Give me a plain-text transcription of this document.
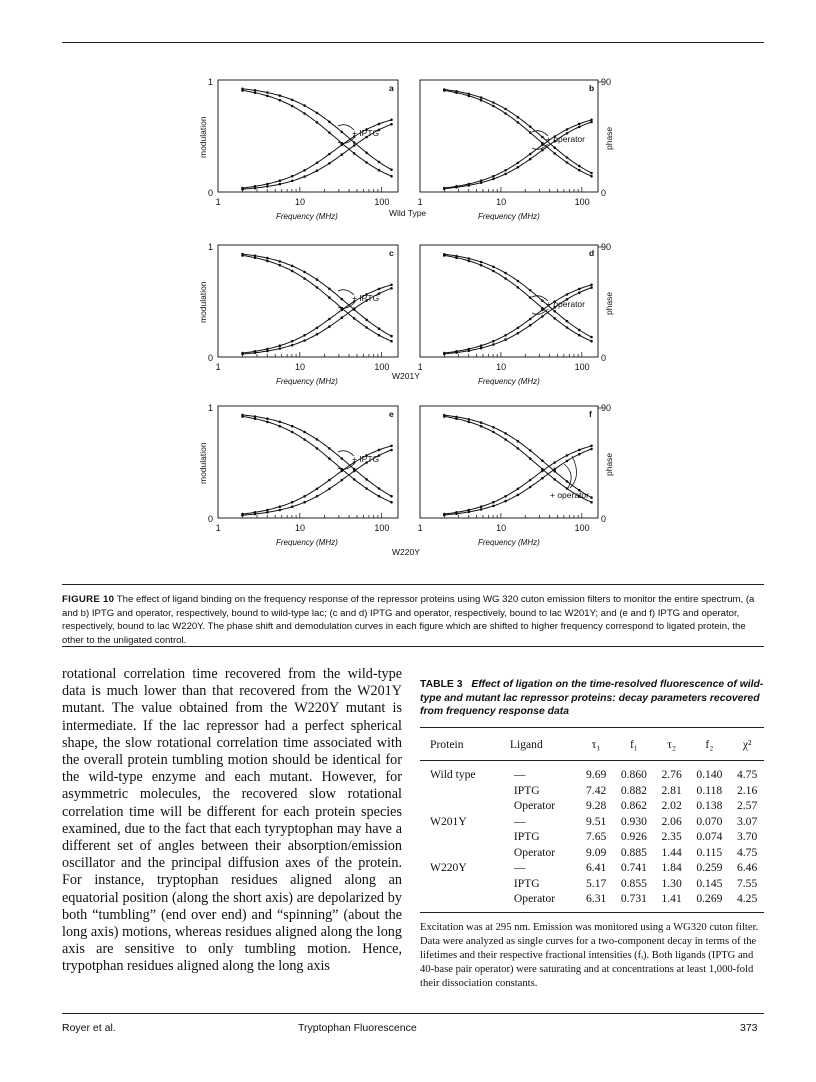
1	10	100
Frequency (MHz)
a
1
0
modulation	+ IPTG
1	10	100
Frequency (MHz)
b
90
0
phase
+ operator
1	10	100
Frequency (MHz)
c
1
0
modulation	+ IPTG
1	10	100
Frequency (MHz)
d
90
0
phase
+ operator
1	10	100
Frequency (MHz)
e
1
0
modulation	+ IPTG
1	10	100
Frequency (MHz)
f
90
0
phase
+ operator
Wild Type
W201Y
W220Y
FIGURE 10 The effect of ligand binding on the frequency response of the repressor proteins using WG 320 cuton emission filters to monitor the entire spectrum, (a and b) IPTG and operator, respectively, bound to wild-type lac; (c and d) IPTG and operator, respectively, bound to lac W201Y; and (e and f) IPTG and operator, respectively, bound to lac W220Y. The phase shift and demodulation curves in each figure which are shifted to higher frequency correspond to ligated protein, the other to the unligated control.

rotational correlation time recovered from the wild-type data is much lower than that recovered from the W201Y mutant. The value obtained from the W220Y mutant is intermediate. If the lac repressor had a perfect spherical shape, the slow rotational correlation time associated with the overall protein tumbling motion should be identical for the wild-type enzyme and each mutant. However, for asymmetric molecules, the recovered slow rotational correlation time will be different for each protein species examined, due to the fact that each tyryptophan may have a different set of angles between their absorption/emission oscillator and the principal diffusion axes of the protein. For instance, tryptophan residues aligned along an equatorial position (along the short axis) are depolarized by both “tumbling” (end over end) and “spinning” (about the long axis) motions, whereas residues aligned along the long axis are sensitive to only tumbling motion. Hence, trypotphan residues aligned along the long axis

TABLE 3 Effect of ligation on the time-resolved fluorescence of wild-type and mutant lac repressor proteins: decay parameters recovered from frequency response data
Protein	Ligand	τ₁	f₁	τ₂	f₂	χ²
Wild type	—	9.69	0.860	2.76	0.140	4.75
	IPTG	7.42	0.882	2.81	0.118	2.16
	Operator	9.28	0.862	2.02	0.138	2.57
W201Y	—	9.51	0.930	2.06	0.070	3.07
	IPTG	7.65	0.926	2.35	0.074	3.70
	Operator	9.09	0.885	1.44	0.115	4.75
W220Y	—	6.41	0.741	1.84	0.259	6.46
	IPTG	5.17	0.855	1.30	0.145	7.55
	Operator	6.31	0.731	1.41	0.269	4.25
Excitation was at 295 nm. Emission was monitored using a WG320 cuton filter. Data were analyzed as single curves for a two-component decay in terms of the lifetimes and their respective fractional intensities (fᵢ). Both ligands (IPTG and 40-base pair operator) were saturating and at concentrations at least 1,000-fold their dissociation constants.
Royer et al.	Tryptophan Fluorescence	373
